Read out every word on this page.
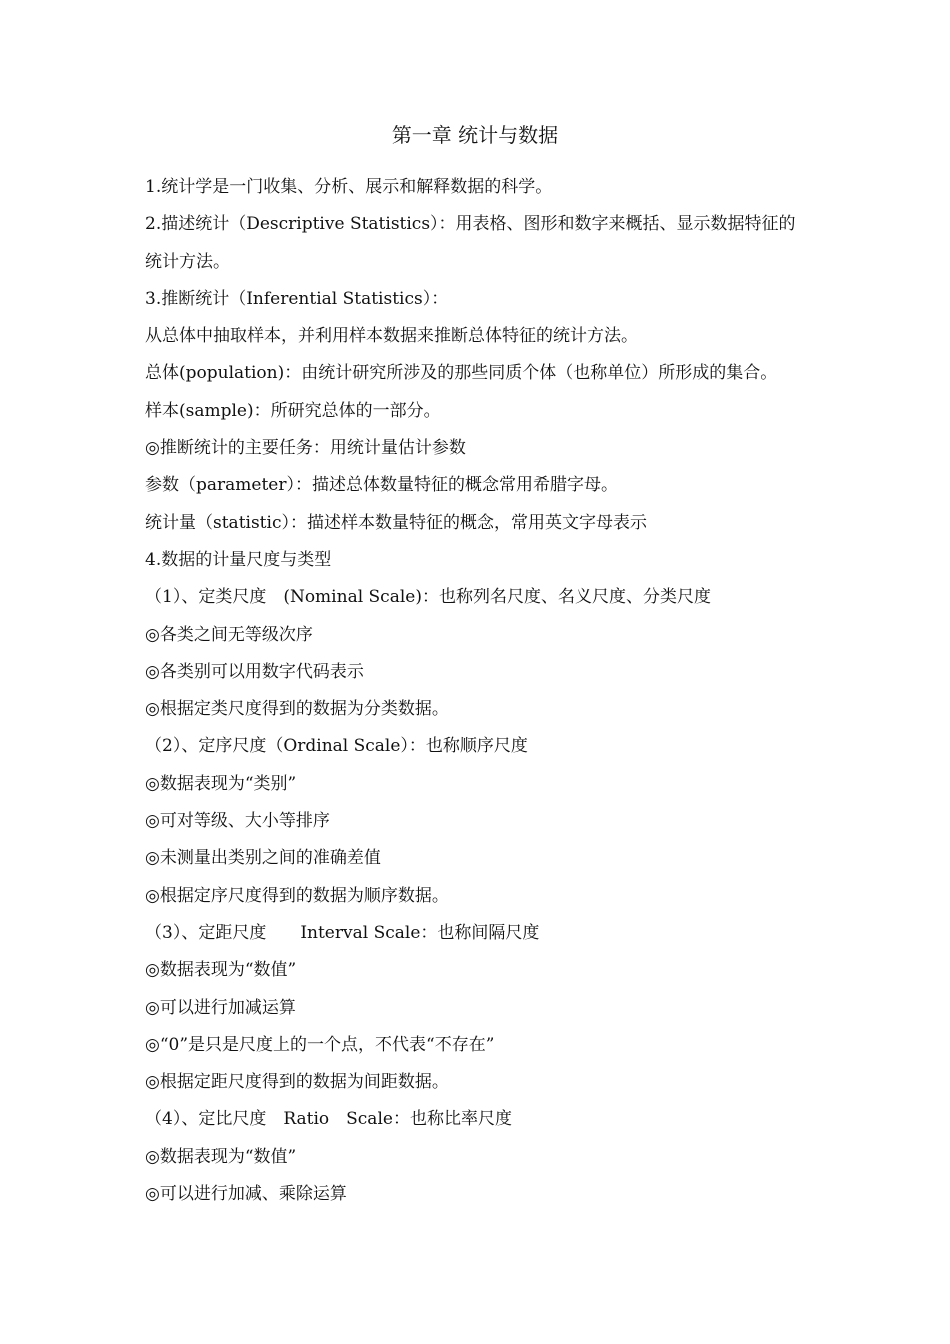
第一章 统计与数据
1.统计学是一门收集、分析、展示和解释数据的科学。
2.描述统计（Descriptive Statistics）：用表格、图形和数字来概括、显示数据特征的统计方法。
3.推断统计（Inferential Statistics）：
从总体中抽取样本，并利用样本数据来推断总体特征的统计方法。
总体(population)：由统计研究所涉及的那些同质个体（也称单位）所形成的集合。
样本(sample)：所研究总体的一部分。
◎推断统计的主要任务：用统计量估计参数
参数（parameter）：描述总体数量特征的概念常用希腊字母。
统计量（statistic）：描述样本数量特征的概念，常用英文字母表示
4.数据的计量尺度与类型
（1）、定类尺度　(Nominal Scale)：也称列名尺度、名义尺度、分类尺度
◎各类之间无等级次序
◎各类别可以用数字代码表示
◎根据定类尺度得到的数据为分类数据。
（2）、定序尺度（Ordinal Scale）：也称顺序尺度
◎数据表现为“类别”
◎可对等级、大小等排序
◎未测量出类别之间的准确差值
◎根据定序尺度得到的数据为顺序数据。
（3）、定距尺度　　Interval Scale：也称间隔尺度
◎数据表现为“数值”
◎可以进行加减运算
◎“0”是只是尺度上的一个点，不代表“不存在”
◎根据定距尺度得到的数据为间距数据。
（4）、定比尺度　Ratio　Scale：也称比率尺度
◎数据表现为“数值”
◎可以进行加减、乘除运算
